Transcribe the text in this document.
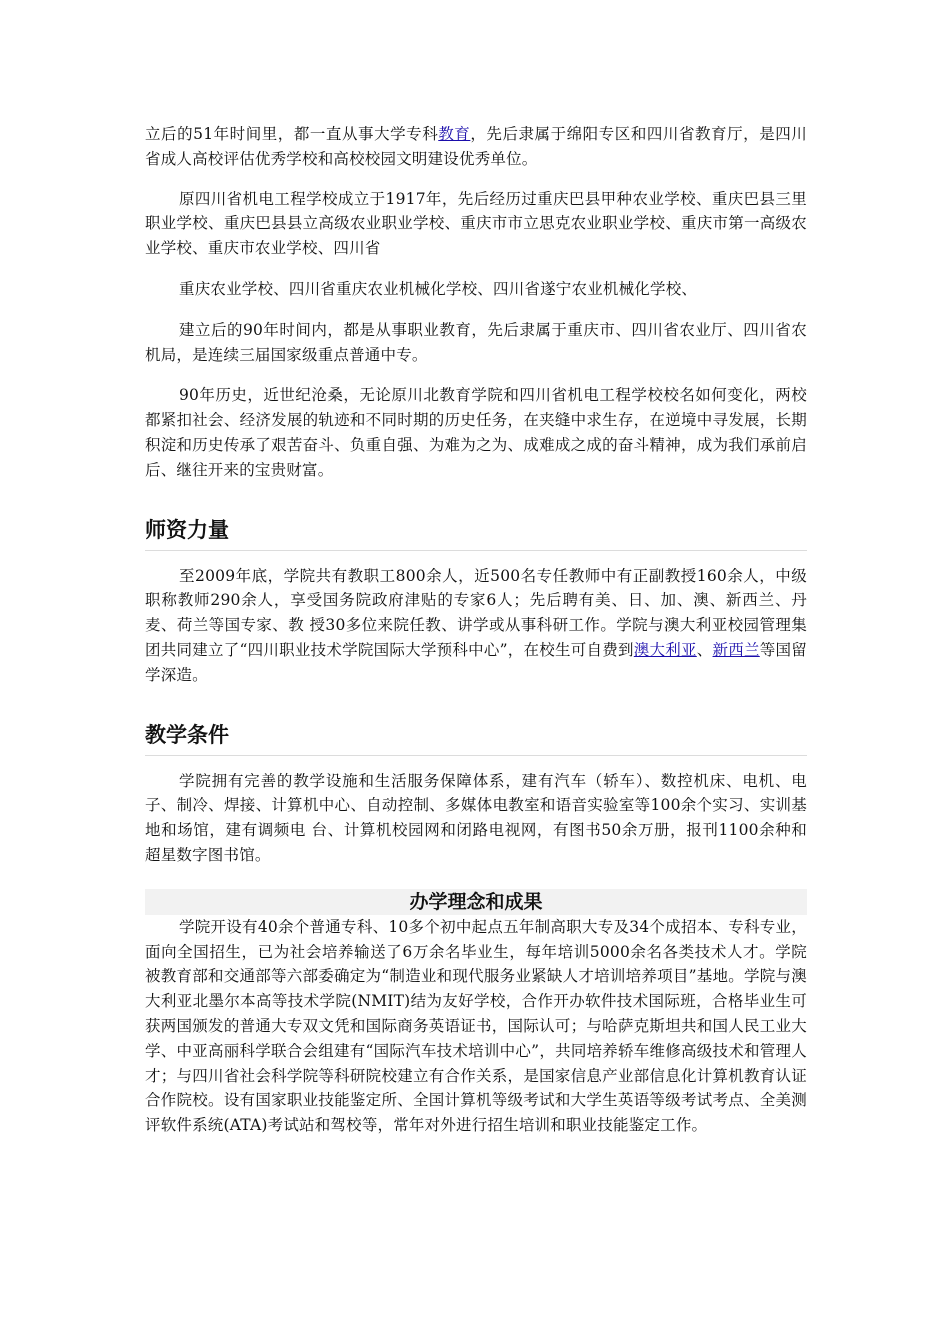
立后的51年时间里，都一直从事大学专科教育，先后隶属于绵阳专区和四川省教育厅，是四川省成人高校评估优秀学校和高校校园文明建设优秀单位。

原四川省机电工程学校成立于1917年，先后经历过重庆巴县甲种农业学校、重庆巴县三里职业学校、重庆巴县县立高级农业职业学校、重庆市市立思克农业职业学校、重庆市第一高级农业学校、重庆市农业学校、四川省

重庆农业学校、四川省重庆农业机械化学校、四川省遂宁农业机械化学校、

建立后的90年时间内，都是从事职业教育，先后隶属于重庆市、四川省农业厅、四川省农机局，是连续三届国家级重点普通中专。

90年历史，近世纪沧桑，无论原川北教育学院和四川省机电工程学校校名如何变化，两校都紧扣社会、经济发展的轨迹和不同时期的历史任务，在夹缝中求生存，在逆境中寻发展，长期积淀和历史传承了艰苦奋斗、负重自强、为难为之为、成难成之成的奋斗精神，成为我们承前启后、继往开来的宝贵财富。

师资力量

至2009年底，学院共有教职工800余人，近500名专任教师中有正副教授160余人，中级职称教师290余人，享受国务院政府津贴的专家6人；先后聘有美、日、加、澳、新西兰、丹麦、荷兰等国专家、教 授30多位来院任教、讲学或从事科研工作。学院与澳大利亚校园管理集团共同建立了“四川职业技术学院国际大学预科中心”，在校生可自费到澳大利亚、新西兰等国留学深造。

教学条件

学院拥有完善的教学设施和生活服务保障体系，建有汽车（轿车）、数控机床、电机、电子、制冷、焊接、计算机中心、自动控制、多媒体电教室和语音实验室等100余个实习、实训基地和场馆，建有调频电 台、计算机校园网和闭路电视网，有图书50余万册，报刊1100余种和超星数字图书馆。

办学理念和成果

学院开设有40余个普通专科、10多个初中起点五年制高职大专及34个成招本、专科专业，面向全国招生，已为社会培养输送了6万余名毕业生，每年培训5000余名各类技术人才。学院被教育部和交通部等六部委确定为“制造业和现代服务业紧缺人才培训培养项目”基地。学院与澳大利亚北墨尔本高等技术学院(NMIT)结为友好学校，合作开办软件技术国际班，合格毕业生可获两国颁发的普通大专双文凭和国际商务英语证书，国际认可；与哈萨克斯坦共和国人民工业大学、中亚高丽科学联合会组建有“国际汽车技术培训中心”，共同培养轿车维修高级技术和管理人才；与四川省社会科学院等科研院校建立有合作关系，是国家信息产业部信息化计算机教育认证合作院校。设有国家职业技能鉴定所、全国计算机等级考试和大学生英语等级考试考点、全美测评软件系统(ATA)考试站和驾校等，常年对外进行招生培训和职业技能鉴定工作。
